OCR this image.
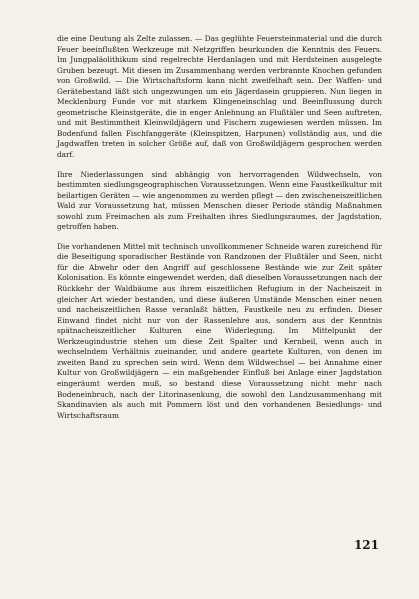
die eine Deutung als Zelte zulassen. — Das geglühte Feuersteinmaterial und die durch Feuer beeinflußten Werkzeuge mit Netzgriffen beurkunden die Kenntnis des Feuers. Im Jungpaläolithikum sind regelrechte Herdanlagen und mit Herdsteinen ausgelegte Gruben bezeugt. Mit diesen im Zusammenhang werden verbrannte Knochen gefunden von Großwild. — Die Wirtschaftsform kann nicht zweifelhaft sein. Der Waffen- und Gerätebestand läßt sich ungezwungen um ein Jägerdasein gruppieren. Nun liegen in Mecklenburg Funde vor mit starkem Klingeneinschlag und Beeinflussung durch geometrische Kleinstgeräte, die in enger Anlehnung an Flußtäler und Seen auftreten, und mit Bestimmtheit Kleinwildjägern und Fischern zugewiesen werden müssen. Im Bodenfund fallen Fischfanggeräte (Kleinspitzen, Harpunen) vollständig aus, und die Jagdwaffen treten in solcher Größe auf, daß von Großwildjägern gesprochen werden darf.

Ihre Niederlassungen sind abhängig von hervorragenden Wildwechseln, von bestimmten siedlungsgeographischen Voraussetzungen. Wenn eine Faustkeilkultur mit beilartigen Geräten — wie angenommen zu werden pflegt — den zwischeneiszeitlichen Wald zur Voraussetzung hat, müssen Menschen dieser Periode ständig Maßnahmen sowohl zum Freimachen als zum Freihalten ihres Siedlungsraumes, der Jagdstation, getroffen haben.

Die vorhandenen Mittel mit technisch unvollkommener Schneide waren zureichend für die Beseitigung sporadischer Bestände von Randzonen der Flußtäler und Seen, nicht für die Abwehr oder den Angriff auf geschlossene Bestände wie zur Zeit später Kolonisation. Es könnte eingewendet werden, daß dieselben Voraussetzungen nach der Rückkehr der Waldbäume aus ihrem eiszeitlichen Refugium in der Nacheiszeit in gleicher Art wieder bestanden, und diese äußeren Umstände Menschen einer neuen und nacheiszeitlichen Rasse veranlaßt hätten, Faustkeile neu zu erfinden. Dieser Einwand findet nicht nur von der Rassenlehre aus, sondern aus der Kenntnis spätnacheiszeitlicher Kulturen eine Widerlegung. Im Mittelpunkt der Werkzeugindustrie stehen um diese Zeit Spalter und Kernbeil, wenn auch in wechselndem Verhältnis zueinander, und andere geartete Kulturen, von denen im zweiten Band zu sprechen sein wird. Wenn dem Wildwechsel — bei Annahme einer Kultur von Großwildjägern — ein maßgebender Einfluß bei Anlage einer Jagdstation eingeräumt werden muß, so bestand diese Voraussetzung nicht mehr nach Bodeneinbruch, nach der Litorinasenkung, die sowohl den Landzusammenhang mit Skandinavien als auch mit Pommern löst und den vorhandenen Besiedlungs- und Wirtschaftsraum

121
